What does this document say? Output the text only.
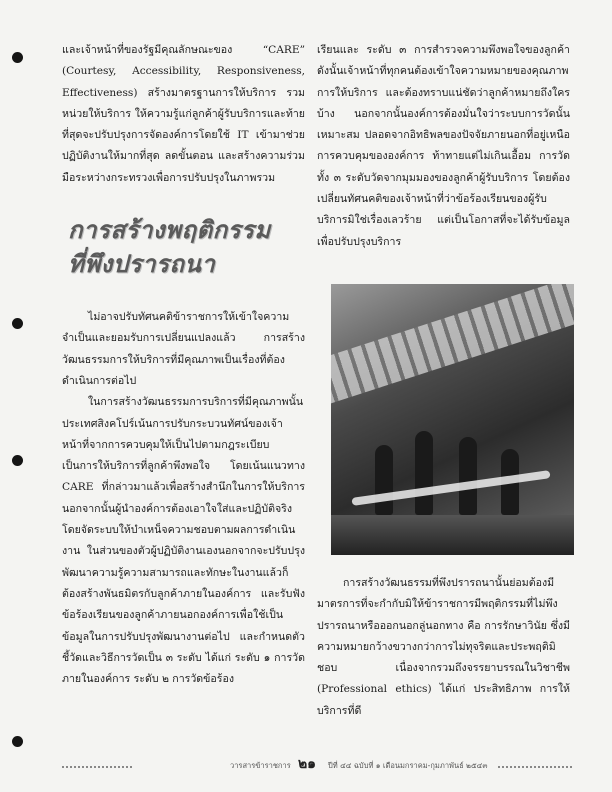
และเจ้าหน้าที่ของรัฐมีคุณลักษณะของ “CARE” (Courtesy, Accessibility, Responsiveness, Effectiveness) สร้างมาตรฐานการให้บริการ รวมหน่วยให้บริการ ให้ความรู้แก่ลูกค้าผู้รับบริการและท้ายที่สุดจะปรับปรุงการจัดองค์การโดยใช้ IT เข้ามาช่วยปฏิบัติงานให้มากที่สุด ลดขั้นตอน และสร้างความร่วมมือระหว่างกระทรวงเพื่อการปรับปรุงในภาพรวม

การสร้างพฤติกรรม
ที่พึงปรารถนา

ไม่อาจปรับทัศนคติข้าราชการให้เข้าใจความจำเป็นและยอมรับการเปลี่ยนแปลงแล้ว การสร้างวัฒนธรรมการให้บริการที่มีคุณภาพเป็นเรื่องที่ต้องดำเนินการต่อไป

ในการสร้างวัฒนธรรมการบริการที่มีคุณภาพนั้น ประเทศสิงคโปร์เน้นการปรับกระบวนทัศน์ของเจ้าหน้าที่จากการควบคุมให้เป็นไปตามกฎระเบียบ เป็นการให้บริการที่ลูกค้าพึงพอใจ โดยเน้นแนวทาง CARE ที่กล่าวมาแล้วเพื่อสร้างสำนึกในการให้บริการ นอกจากนั้นผู้นำองค์การต้องเอาใจใส่และปฏิบัติจริงโดยจัดระบบให้บำเหน็จความชอบตามผลการดำเนินงาน ในส่วนของตัวผู้ปฏิบัติงานเองนอกจากจะปรับปรุงพัฒนาความรู้ความสามารถและทักษะในงานแล้วก็ต้องสร้างพันธมิตรกับลูกค้าภายในองค์การ และรับฟังข้อร้องเรียนของลูกค้าภายนอกองค์การเพื่อใช้เป็นข้อมูลในการปรับปรุงพัฒนางานต่อไป และกำหนดตัวชี้วัดและวิธีการวัดเป็น ๓ ระดับ ได้แก่ ระดับ ๑ การวัดภายในองค์การ ระดับ ๒ การวัดข้อร้อง

เรียนและ ระดับ ๓ การสำรวจความพึงพอใจของลูกค้า ดังนั้นเจ้าหน้าที่ทุกคนต้องเข้าใจความหมายของคุณภาพการให้บริการ และต้องทราบแน่ชัดว่าลูกค้าหมายถึงใครบ้าง นอกจากนั้นองค์การต้องมั่นใจว่าระบบการวัดนั้นเหมาะสม ปลอดจากอิทธิพลของปัจจัยภายนอกที่อยู่เหนือการควบคุมขององค์การ ท้าทายแต่ไม่เกินเอื้อม การวัดทั้ง ๓ ระดับวัดจากมุมมองของลูกค้าผู้รับบริการ โดยต้องเปลี่ยนทัศนคติของเจ้าหน้าที่ว่าข้อร้องเรียนของผู้รับบริการมิใช่เรื่องเลวร้าย แต่เป็นโอกาสที่จะได้รับข้อมูลเพื่อปรับปรุงบริการ

การสร้างวัฒนธรรมที่พึงปรารถนานั้นย่อมต้องมีมาตรการที่จะกำกับมิให้ข้าราชการมีพฤติกรรมที่ไม่พึงปรารถนาหรือออกนอกลู่นอกทาง คือ การรักษาวินัย ซึ่งมีความหมายกว้างขวางกว่าการไม่ทุจริตและประพฤติมิชอบ เนื่องจากรวมถึงจรรยาบรรณในวิชาชีพ (Professional ethics) ได้แก่ ประสิทธิภาพ การให้บริการที่ดี

วารสารข้าราชการ ๒๑	ปีที่ ๔๔ ฉบับที่ ๑ เดือนมกราคม-กุมภาพันธ์ ๒๕๔๓
